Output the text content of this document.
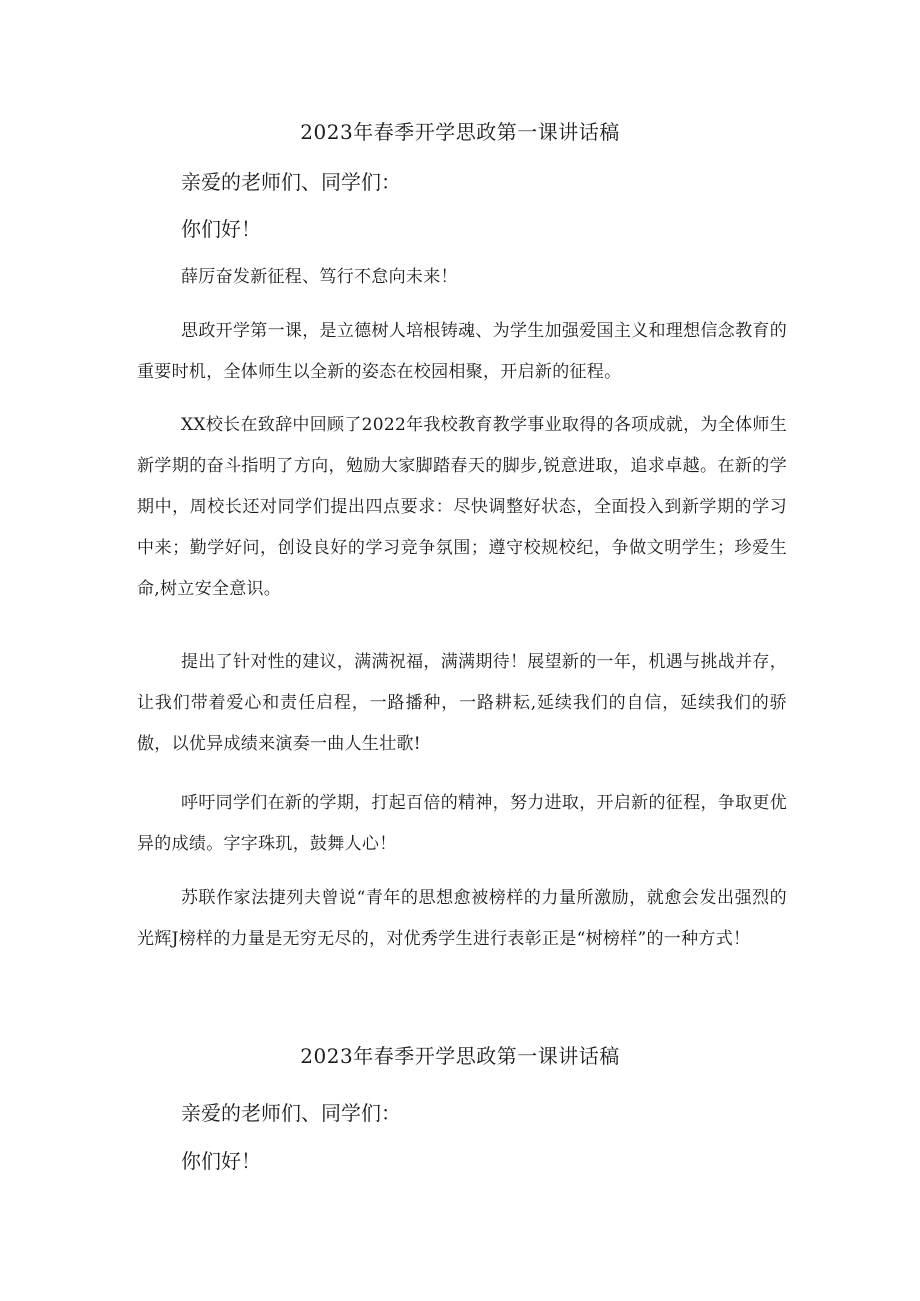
2023年春季开学思政第一课讲话稿
亲爱的老师们、同学们：
你们好！

薛厉奋发新征程、笃行不怠向未来！

思政开学第一课，是立德树人培根铸魂、为学生加强爱国主义和理想信念教育的重要时机，全体师生以全新的姿态在校园相聚，开启新的征程。

XX校长在致辞中回顾了2022年我校教育教学事业取得的各项成就，为全体师生新学期的奋斗指明了方向，勉励大家脚踏春天的脚步,锐意进取，追求卓越。在新的学期中，周校长还对同学们提出四点要求：尽快调整好状态，全面投入到新学期的学习中来；勤学好问，创设良好的学习竞争氛围；遵守校规校纪，争做文明学生；珍爱生命,树立安全意识。

提出了针对性的建议，满满祝福，满满期待！展望新的一年，机遇与挑战并存，让我们带着爱心和责任启程，一路播种，一路耕耘,延续我们的自信，延续我们的骄傲，以优异成绩来演奏一曲人生壮歌!

呼吁同学们在新的学期，打起百倍的精神，努力进取，开启新的征程，争取更优异的成绩。字字珠玑，鼓舞人心！

苏联作家法捷列夫曾说“青年的思想愈被榜样的力量所激励，就愈会发出强烈的光辉J榜样的力量是无穷无尽的，对优秀学生进行表彰正是“树榜样”的一种方式！

2023年春季开学思政第一课讲话稿
亲爱的老师们、同学们：
你们好！
